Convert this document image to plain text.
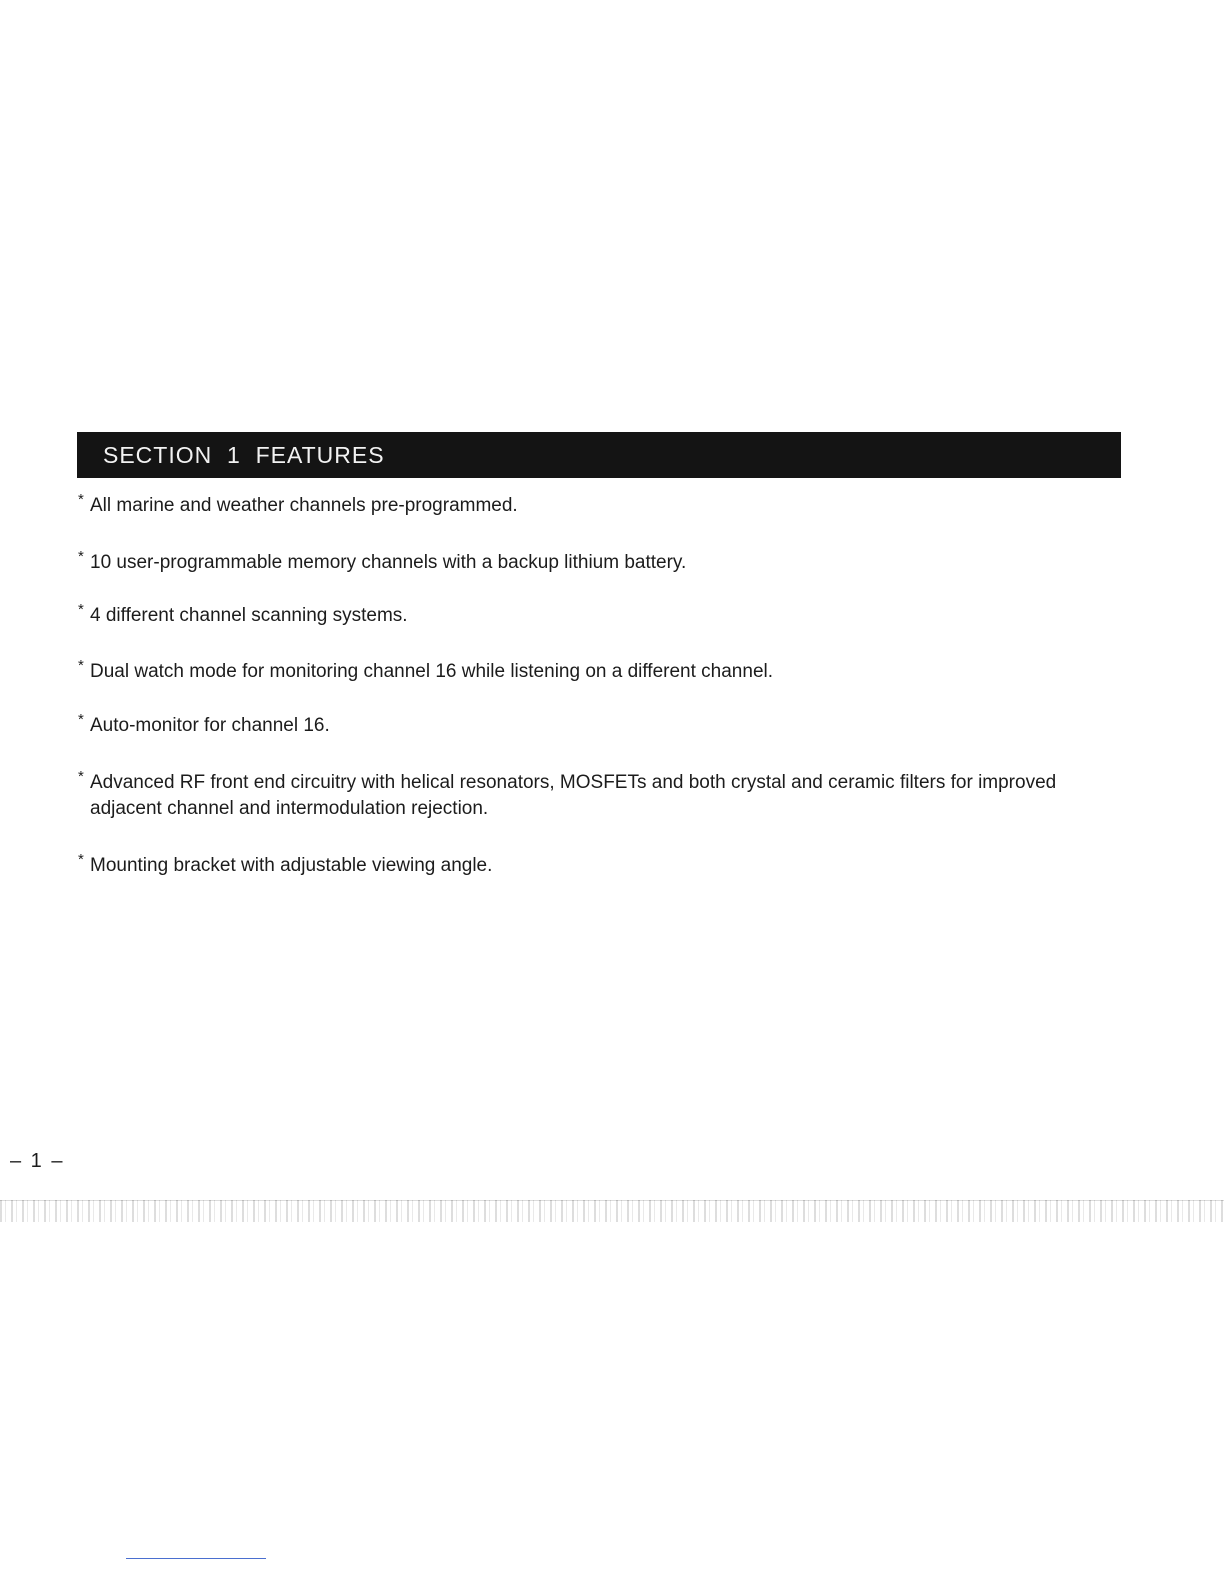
SECTION  1  FEATURES
* All marine and weather channels pre-programmed.
* 10 user-programmable memory channels with a backup lithium battery.
* 4 different channel scanning systems.
* Dual watch mode for monitoring channel 16 while listening on a different channel.
* Auto-monitor for channel 16.
* Advanced RF front end circuitry with helical resonators, MOSFETs and both crystal and ceramic filters for improved adjacent channel and intermodulation rejection.
* Mounting bracket with adjustable viewing angle.
– 1 –
